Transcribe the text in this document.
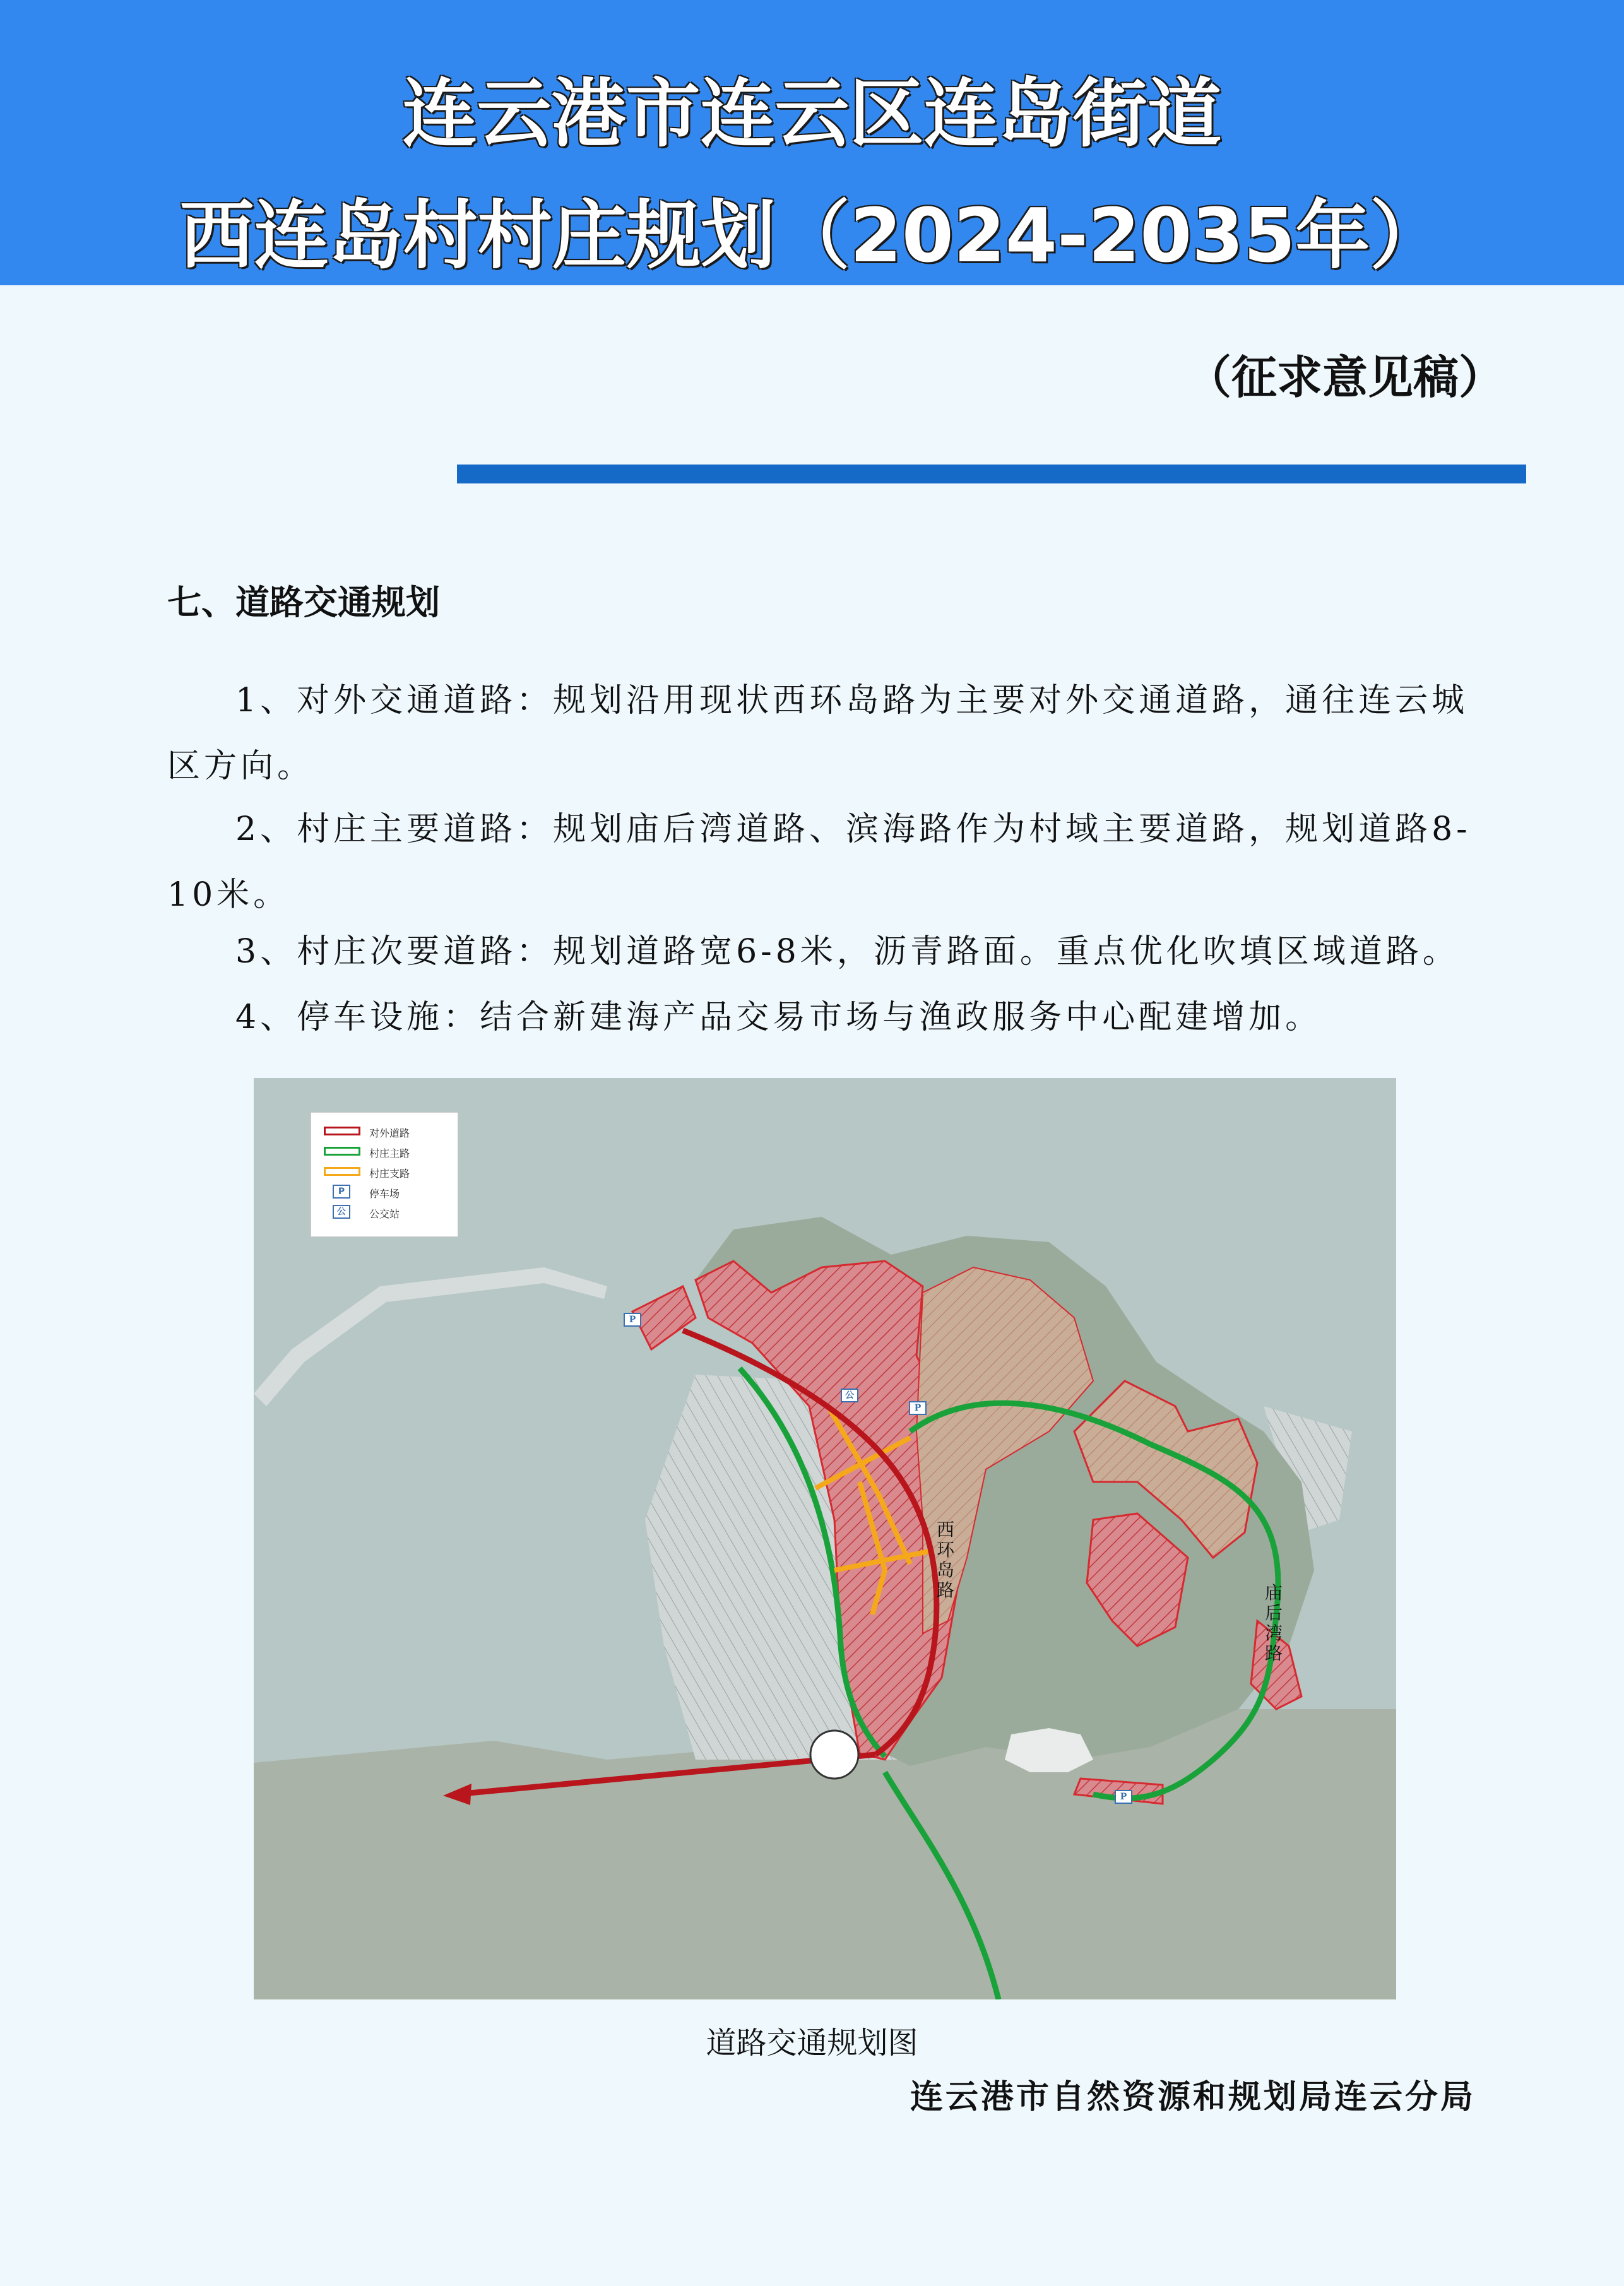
连云港市连云区连岛街道
西连岛村村庄规划（2024-2035年）
（征求意见稿）
七、道路交通规划
1、对外交通道路：规划沿用现状西环岛路为主要对外交通道路，通往连云城区方向。
2、村庄主要道路：规划庙后湾道路、滨海路作为村域主要道路，规划道路8-10米。
3、村庄次要道路：规划道路宽6-8米，沥青路面。重点优化吹填区域道路。
4、停车设施：结合新建海产品交易市场与渔政服务中心配建增加。
对外道路
村庄主路
村庄支路
P	停车场
公	公交站
P
P
P
公
西环岛路	庙后湾路
道路交通规划图
连云港市自然资源和规划局连云分局
